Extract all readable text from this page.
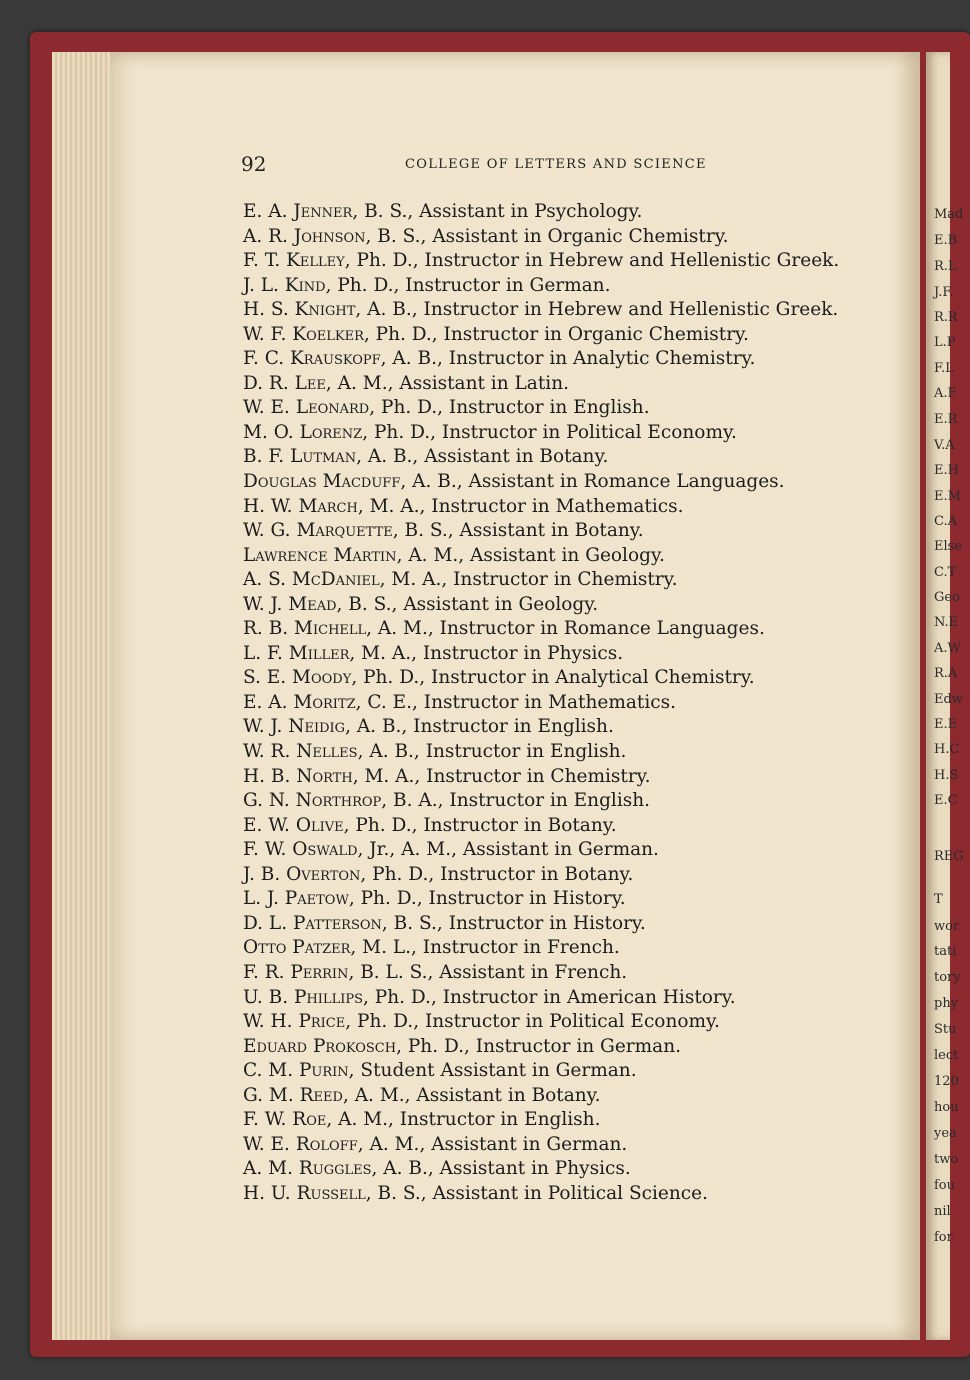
Mad
E.B
R.L
J.F.
R.R
L.P
F.L
A.F
E.R
V.A
E.H
E.M
C.A
Else
C.T
Geo
N.E
A.W
R.A
Edw
E.E
H.C
H.S
E.C
REG
T
wor
tati
tory
phy
Stu
lect
120
hou
yea
two
fou
nil
for
92	COLLEGE OF LETTERS AND SCIENCE
E. A. Jenner, B. S., Assistant in Psychology.
A. R. Johnson, B. S., Assistant in Organic Chemistry.
F. T. Kelley, Ph. D., Instructor in Hebrew and Hellenistic Greek.
J. L. Kind, Ph. D., Instructor in German.
H. S. Knight, A. B., Instructor in Hebrew and Hellenistic Greek.
W. F. Koelker, Ph. D., Instructor in Organic Chemistry.
F. C. Krauskopf, A. B., Instructor in Analytic Chemistry.
D. R. Lee, A. M., Assistant in Latin.
W. E. Leonard, Ph. D., Instructor in English.
M. O. Lorenz, Ph. D., Instructor in Political Economy.
B. F. Lutman, A. B., Assistant in Botany.
Douglas Macduff, A. B., Assistant in Romance Languages.
H. W. March, M. A., Instructor in Mathematics.
W. G. Marquette, B. S., Assistant in Botany.
Lawrence Martin, A. M., Assistant in Geology.
A. S. McDaniel, M. A., Instructor in Chemistry.
W. J. Mead, B. S., Assistant in Geology.
R. B. Michell, A. M., Instructor in Romance Languages.
L. F. Miller, M. A., Instructor in Physics.
S. E. Moody, Ph. D., Instructor in Analytical Chemistry.
E. A. Moritz, C. E., Instructor in Mathematics.
W. J. Neidig, A. B., Instructor in English.
W. R. Nelles, A. B., Instructor in English.
H. B. North, M. A., Instructor in Chemistry.
G. N. Northrop, B. A., Instructor in English.
E. W. Olive, Ph. D., Instructor in Botany.
F. W. Oswald, Jr., A. M., Assistant in German.
J. B. Overton, Ph. D., Instructor in Botany.
L. J. Paetow, Ph. D., Instructor in History.
D. L. Patterson, B. S., Instructor in History.
Otto Patzer, M. L., Instructor in French.
F. R. Perrin, B. L. S., Assistant in French.
U. B. Phillips, Ph. D., Instructor in American History.
W. H. Price, Ph. D., Instructor in Political Economy.
Eduard Prokosch, Ph. D., Instructor in German.
C. M. Purin, Student Assistant in German.
G. M. Reed, A. M., Assistant in Botany.
F. W. Roe, A. M., Instructor in English.
W. E. Roloff, A. M., Assistant in German.
A. M. Ruggles, A. B., Assistant in Physics.
H. U. Russell, B. S., Assistant in Political Science.
